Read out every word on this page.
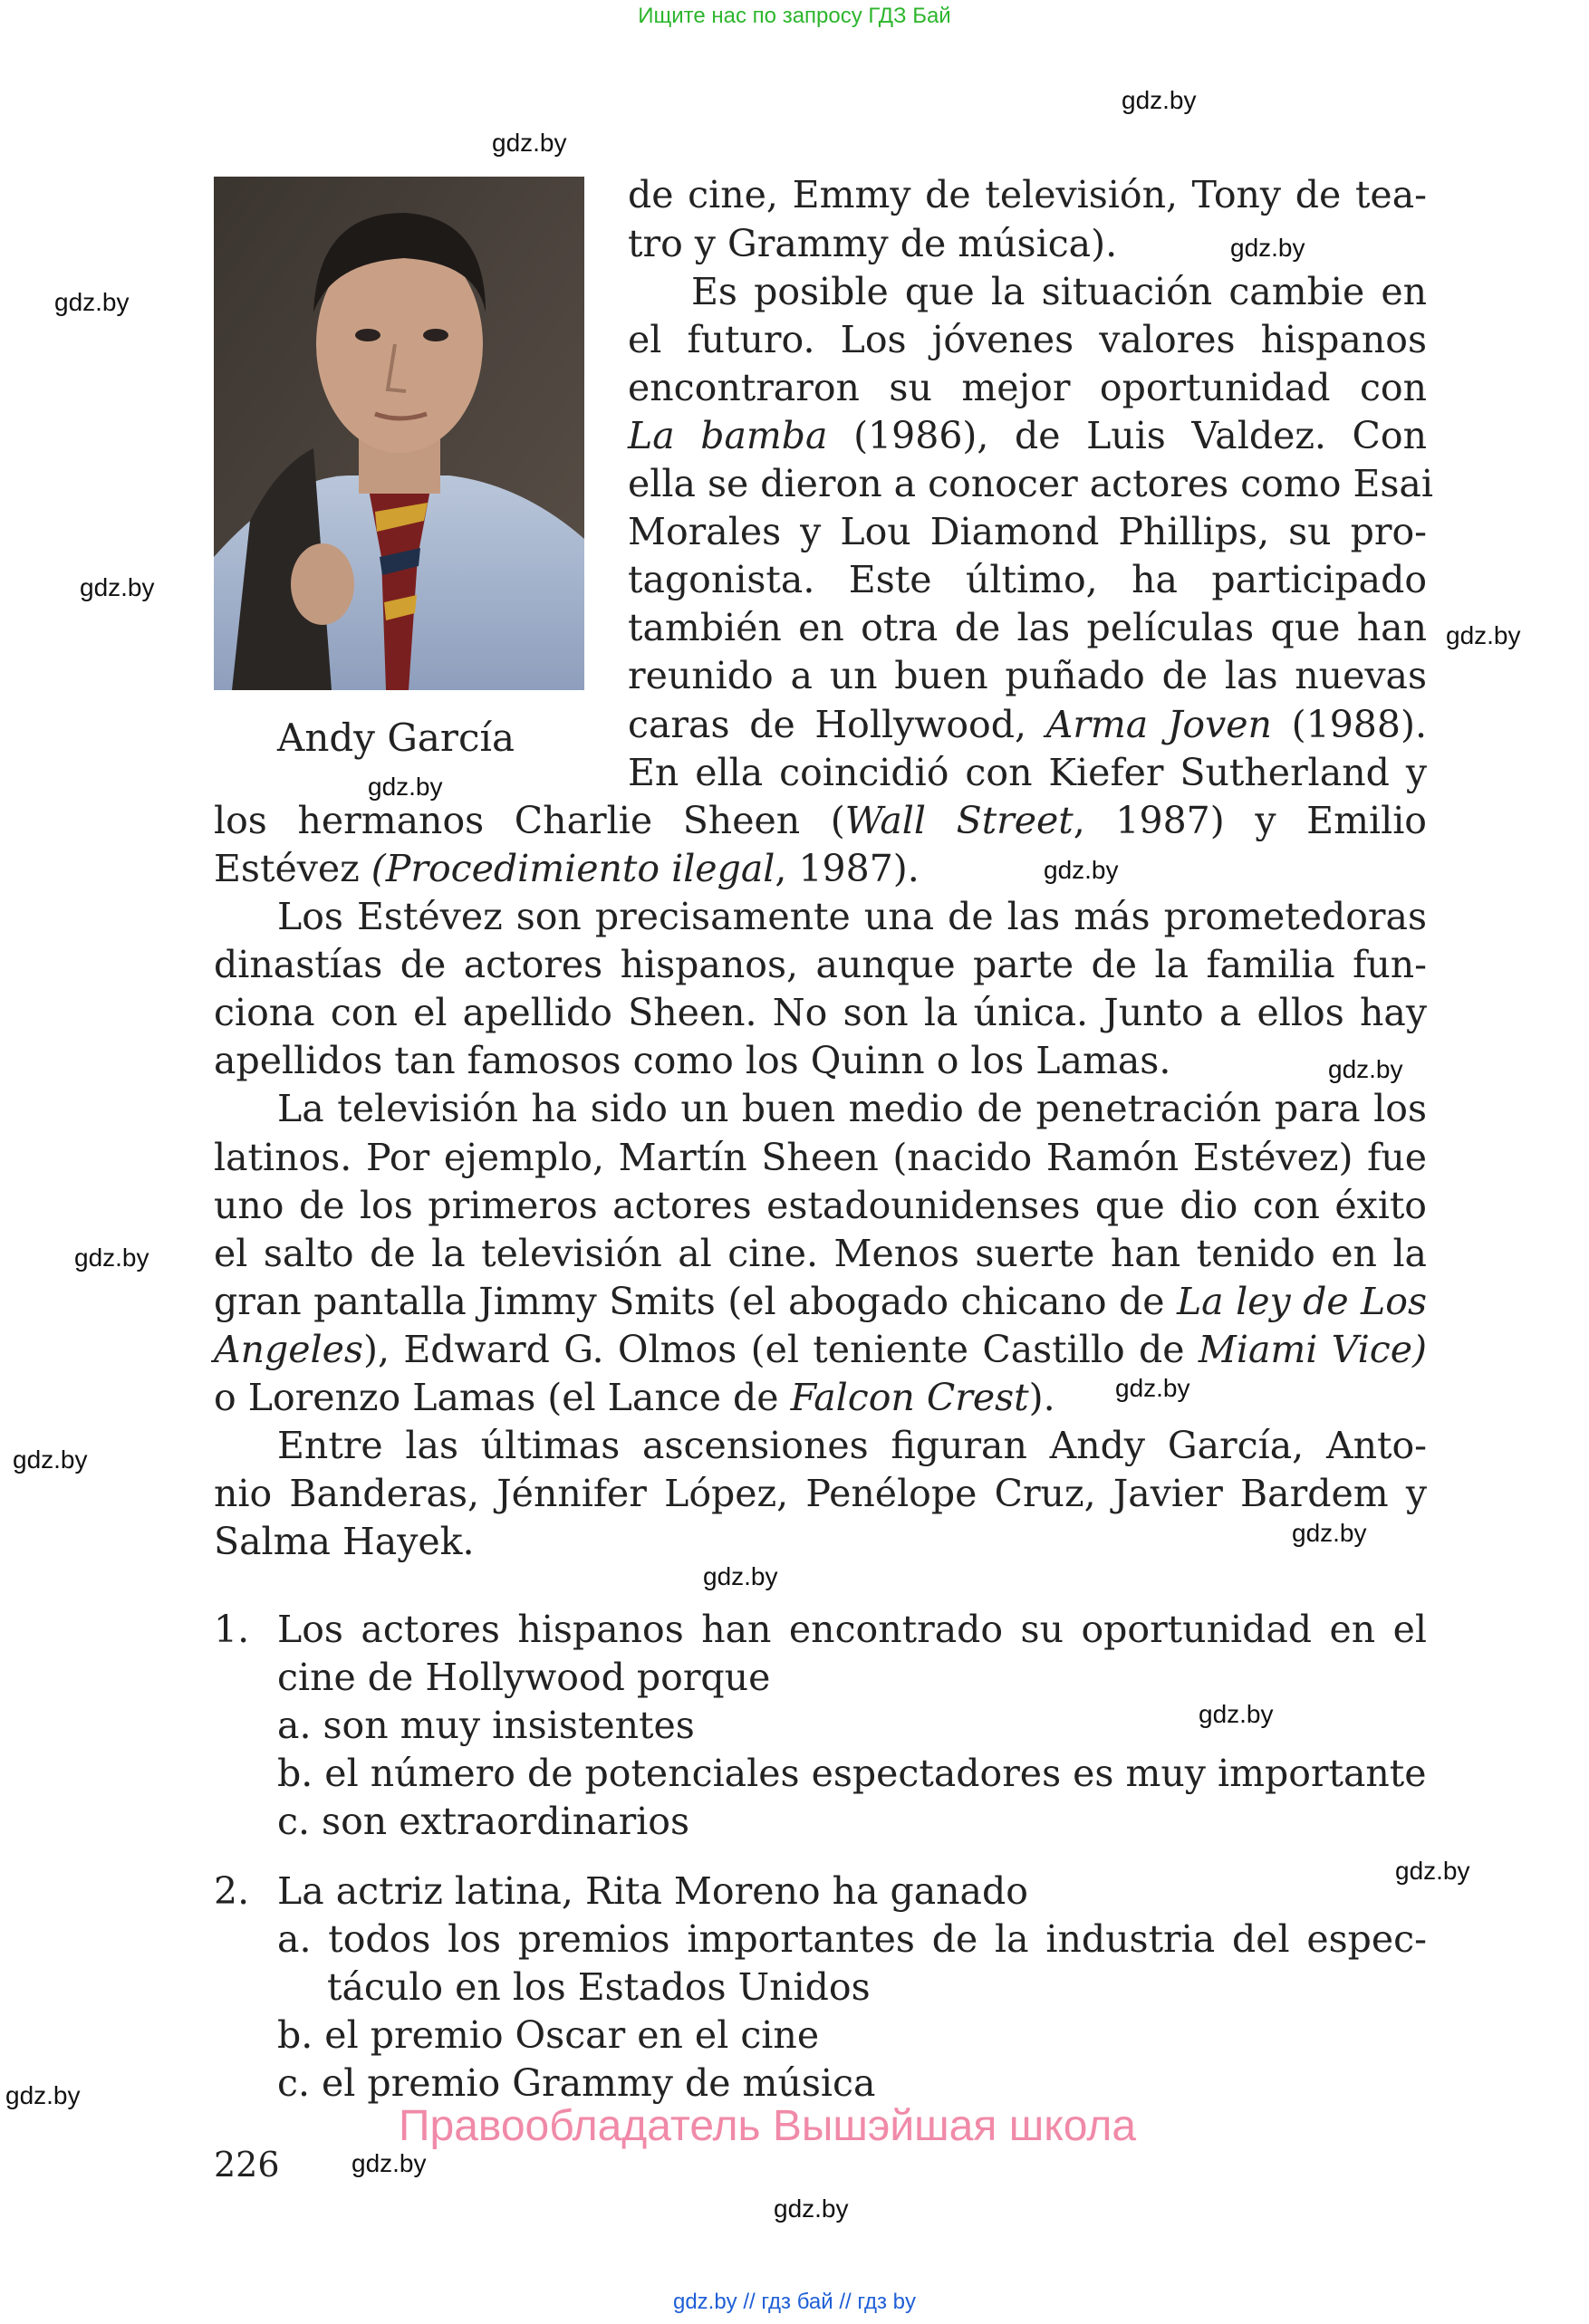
Ищите нас по запросу ГДЗ Бай
gdz.by
gdz.by
gdz.by
gdz.by
gdz.by
gdz.by
gdz.by
gdz.by
gdz.by
gdz.by
gdz.by
gdz.by
gdz.by
gdz.by
gdz.by
gdz.by
gdz.by
gdz.by
gdz.by
Andy García
de cine, Emmy de televisión, Tony de tea-
tro y Grammy de música).
Es posible que la situación cambie en
el futuro. Los jóvenes valores hispanos
encontraron su mejor oportunidad con
La bamba (1986), de Luis Valdez. Con
ella se dieron a conocer actores como Esai
Morales y Lou Diamond Phillips, su pro-
tagonista. Este último, ha participado
también en otra de las películas que han
reunido a un buen puñado de las nuevas
caras de Hollywood, Arma Joven (1988).
En ella coincidió con Kiefer Sutherland y
los hermanos Charlie Sheen (Wall Street, 1987) y Emilio
Estévez (Procedimiento ilegal, 1987).
Los Estévez son precisamente una de las más prometedoras
dinastías de actores hispanos, aunque parte de la familia fun-
ciona con el apellido Sheen. No son la única. Junto a ellos hay
apellidos tan famosos como los Quinn o los Lamas.
La televisión ha sido un buen medio de penetración para los
latinos. Por ejemplo, Martín Sheen (nacido Ramón Estévez) fue
uno de los primeros actores estadounidenses que dio con éxito
el salto de la televisión al cine. Menos suerte han tenido en la
gran pantalla Jimmy Smits (el abogado chicano de La ley de Los
Angeles), Edward G. Olmos (el teniente Castillo de Miami Vice)
o Lorenzo Lamas (el Lance de Falcon Crest).
Entre las últimas ascensiones figuran Andy García, Anto-
nio Banderas, Jénnifer López, Penélope Cruz, Javier Bardem y
Salma Hayek.
1. Los actores hispanos han encontrado su oportunidad en el
cine de Hollywood porque
a. son muy insistentes
b. el número de potenciales espectadores es muy importante
c. son extraordinarios
2. La actriz latina, Rita Moreno ha ganado
a. todos los premios importantes de la industria del espec-
táculo en los Estados Unidos
b. el premio Oscar en el cine
c. el premio Grammy de música
Правообладатель Вышэйшая школа
226
gdz.by // гдз бай // гдз by
